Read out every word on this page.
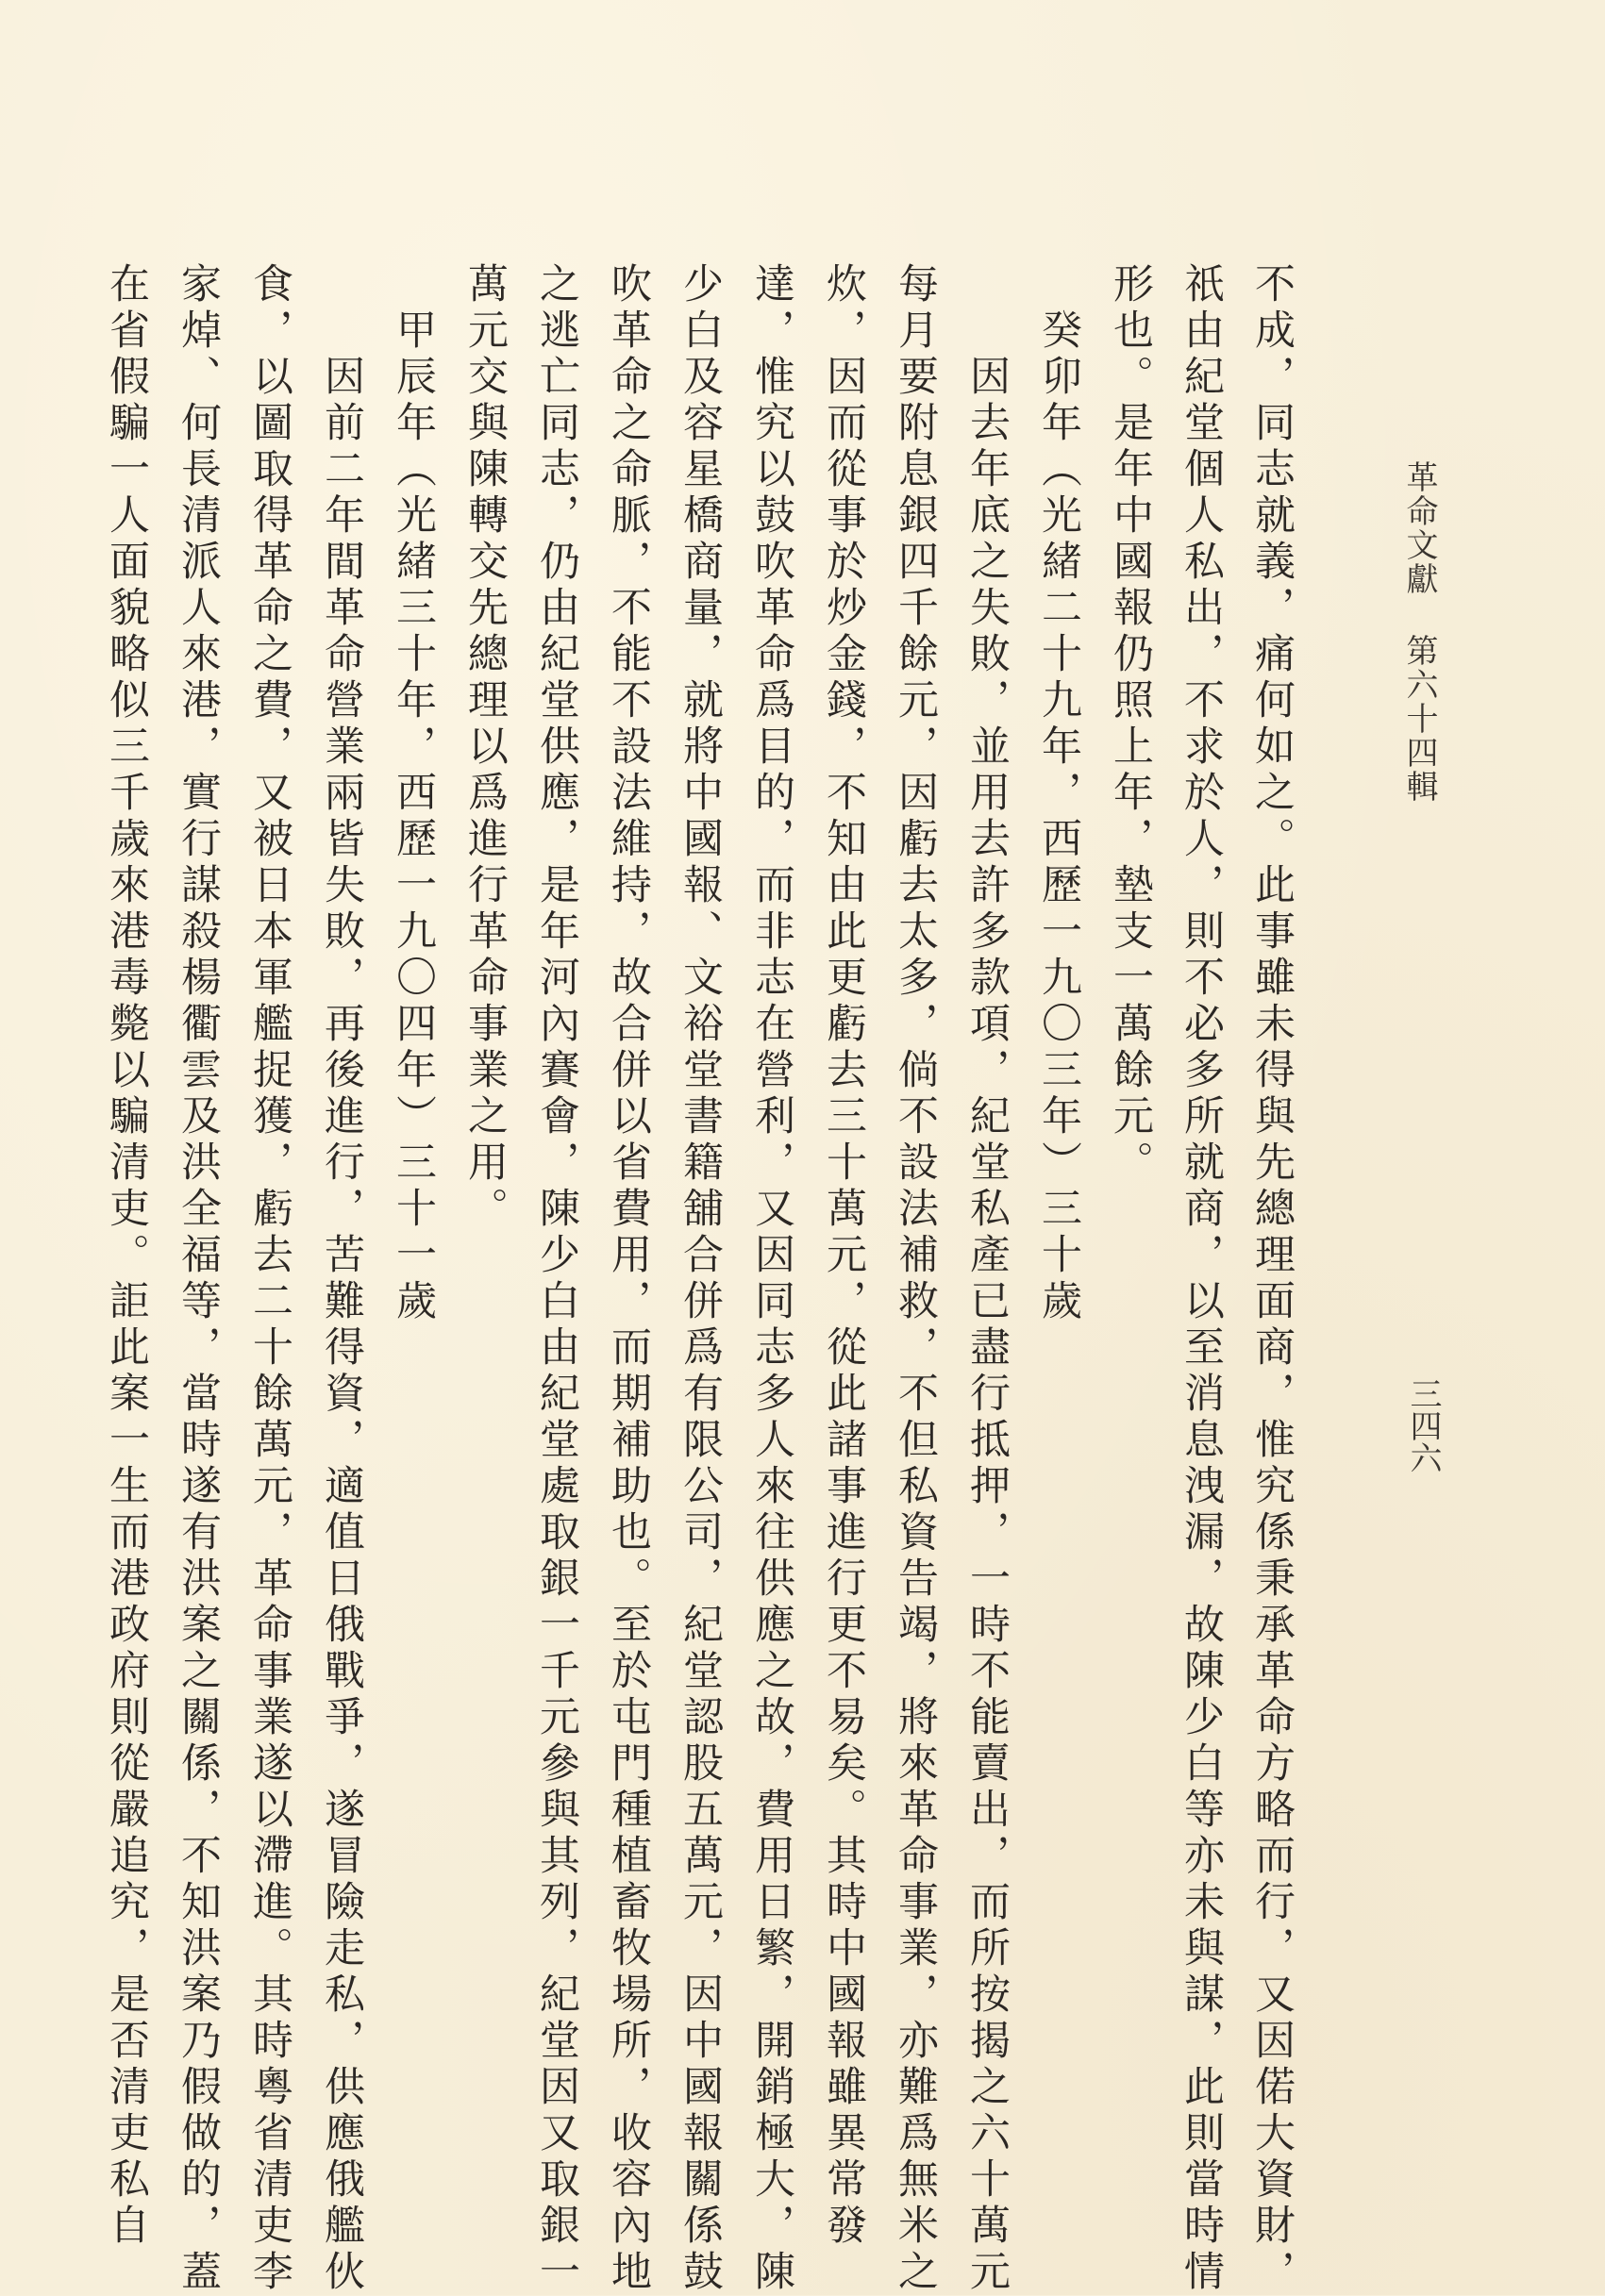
革命文獻第六十四輯
三四六
不成，同志就義，痛何如之。此事雖未得與先總理面商，惟究係秉承革命方略而行，又因偌大資財，
祇由紀堂個人私出，不求於人，則不必多所就商，以至消息洩漏，故陳少白等亦未與謀，此則當時情
形也。是年中國報仍照上年，墊支一萬餘元。
癸卯年（光緒二十九年，西歷一九〇三年）三十歲
因去年底之失敗，並用去許多款項，紀堂私產已盡行抵押，一時不能賣出，而所按揭之六十萬元
每月要附息銀四千餘元，因虧去太多，倘不設法補救，不但私資告竭，將來革命事業，亦難爲無米之
炊，因而從事於炒金錢，不知由此更虧去三十萬元，從此諸事進行更不易矣。其時中國報雖異常發
達，惟究以鼓吹革命爲目的，而非志在營利，又因同志多人來往供應之故，費用日繁，開銷極大，陳
少白及容星橋商量，就將中國報、文裕堂書籍舖合併爲有限公司，紀堂認股五萬元，因中國報關係鼓
吹革命之命脈，不能不設法維持，故合併以省費用，而期補助也。至於屯門種植畜牧場所，收容內地
之逃亡同志，仍由紀堂供應，是年河內賽會，陳少白由紀堂處取銀一千元參與其列，紀堂因又取銀一
萬元交與陳轉交先總理以爲進行革命事業之用。
甲辰年（光緒三十年，西歷一九〇四年）三十一歲
因前二年間革命營業兩皆失敗，再後進行，苦難得資，適值日俄戰爭，遂冒險走私，供應俄艦伙
食，以圖取得革命之費，又被日本軍艦捉獲，虧去二十餘萬元，革命事業遂以滯進。其時粵省清吏李
家焯、何長清派人來港，實行謀殺楊衢雲及洪全福等，當時遂有洪案之關係，不知洪案乃假做的，蓋
在省假騙一人面貌略似三千歲來港毒斃以騙清吏。詎此案一生而港政府則從嚴追究，是否清吏私自
